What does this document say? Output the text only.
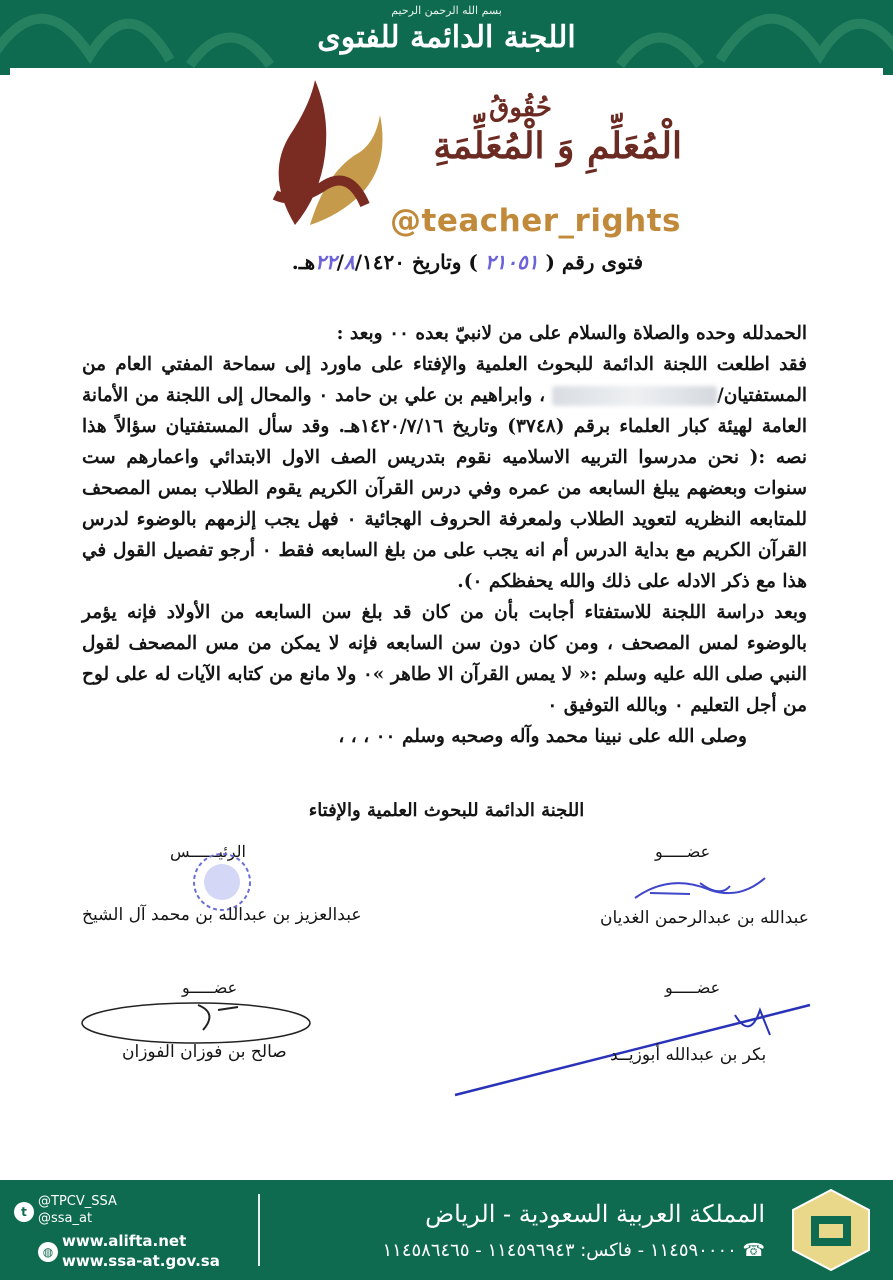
بسم الله الرحمن الرحيم
اللجنة الدائمة للفتوى
حُقُوقُ
الْمُعَلِّمِ وَ الْمُعَلِّمَةِ
@teacher_rights
فتوى رقم ( ٢١٠٥١ ) وتاريخ ٢٢/٨/١٤٢٠هـ.

الحمدلله وحده والصلاة والسلام على من لانبيّ بعده ٠٠ وبعد :

فقد اطلعت اللجنة الدائمة للبحوث العلمية والإفتاء على ماورد إلى سماحة المفتي العام من المستفتيان/ ، وابراهيم بن علي بن حامد ٠ والمحال إلى اللجنة من الأمانة العامة لهيئة كبار العلماء برقم (٣٧٤٨) وتاريخ ١٤٢٠/٧/١٦هـ. وقد سأل المستفتيان سؤالاً هذا نصه :( نحن مدرسوا التربيه الاسلاميه نقوم بتدريس الصف الاول الابتدائي واعمارهم ست سنوات وبعضهم يبلغ السابعه من عمره وفي درس القرآن الكريم يقوم الطلاب بمس المصحف للمتابعه النظريه لتعويد الطلاب ولمعرفة الحروف الهجائية ٠ فهل يجب إلزمهم بالوضوء لدرس القرآن الكريم مع بداية الدرس أم انه يجب على من بلغ السابعه فقط ٠ أرجو تفصيل القول في هذا مع ذكر الادله على ذلك والله يحفظكم ٠).

وبعد دراسة اللجنة للاستفتاء أجابت بأن من كان قد بلغ سن السابعه من الأولاد فإنه يؤمر بالوضوء لمس المصحف ، ومن كان دون سن السابعه فإنه لا يمكن من مس المصحف لقول النبي صلى الله عليه وسلم :« لا يمس القرآن الا طاهر »٠ ولا مانع من كتابه الآيات له على لوح من أجل التعليم ٠ وبالله التوفيق ٠

وصلى الله على نبينا محمد وآله وصحبه وسلم ٠٠ ، ، ،

اللجنة الدائمة للبحوث العلمية والإفتاء
الرئيــــــس
عبدالعزيز بن عبدالله بن محمد آل الشيخ
عضـــــو
عبدالله بن عبدالرحمن الغديان
عضـــــو
صالح بن فوزان الفوزان
عضـــــو
بكر بن عبدالله أبوزيــد
t
@TPCV_SSA
@ssa_at
◍
www.alifta.net
www.ssa-at.gov.sa
المملكة العربية السعودية - الرياض
☎ ١١٤٥٩٠٠٠٠ - فاكس: ١١٤٥٩٦٩٤٣ - ١١٤٥٨٦٤٦٥
